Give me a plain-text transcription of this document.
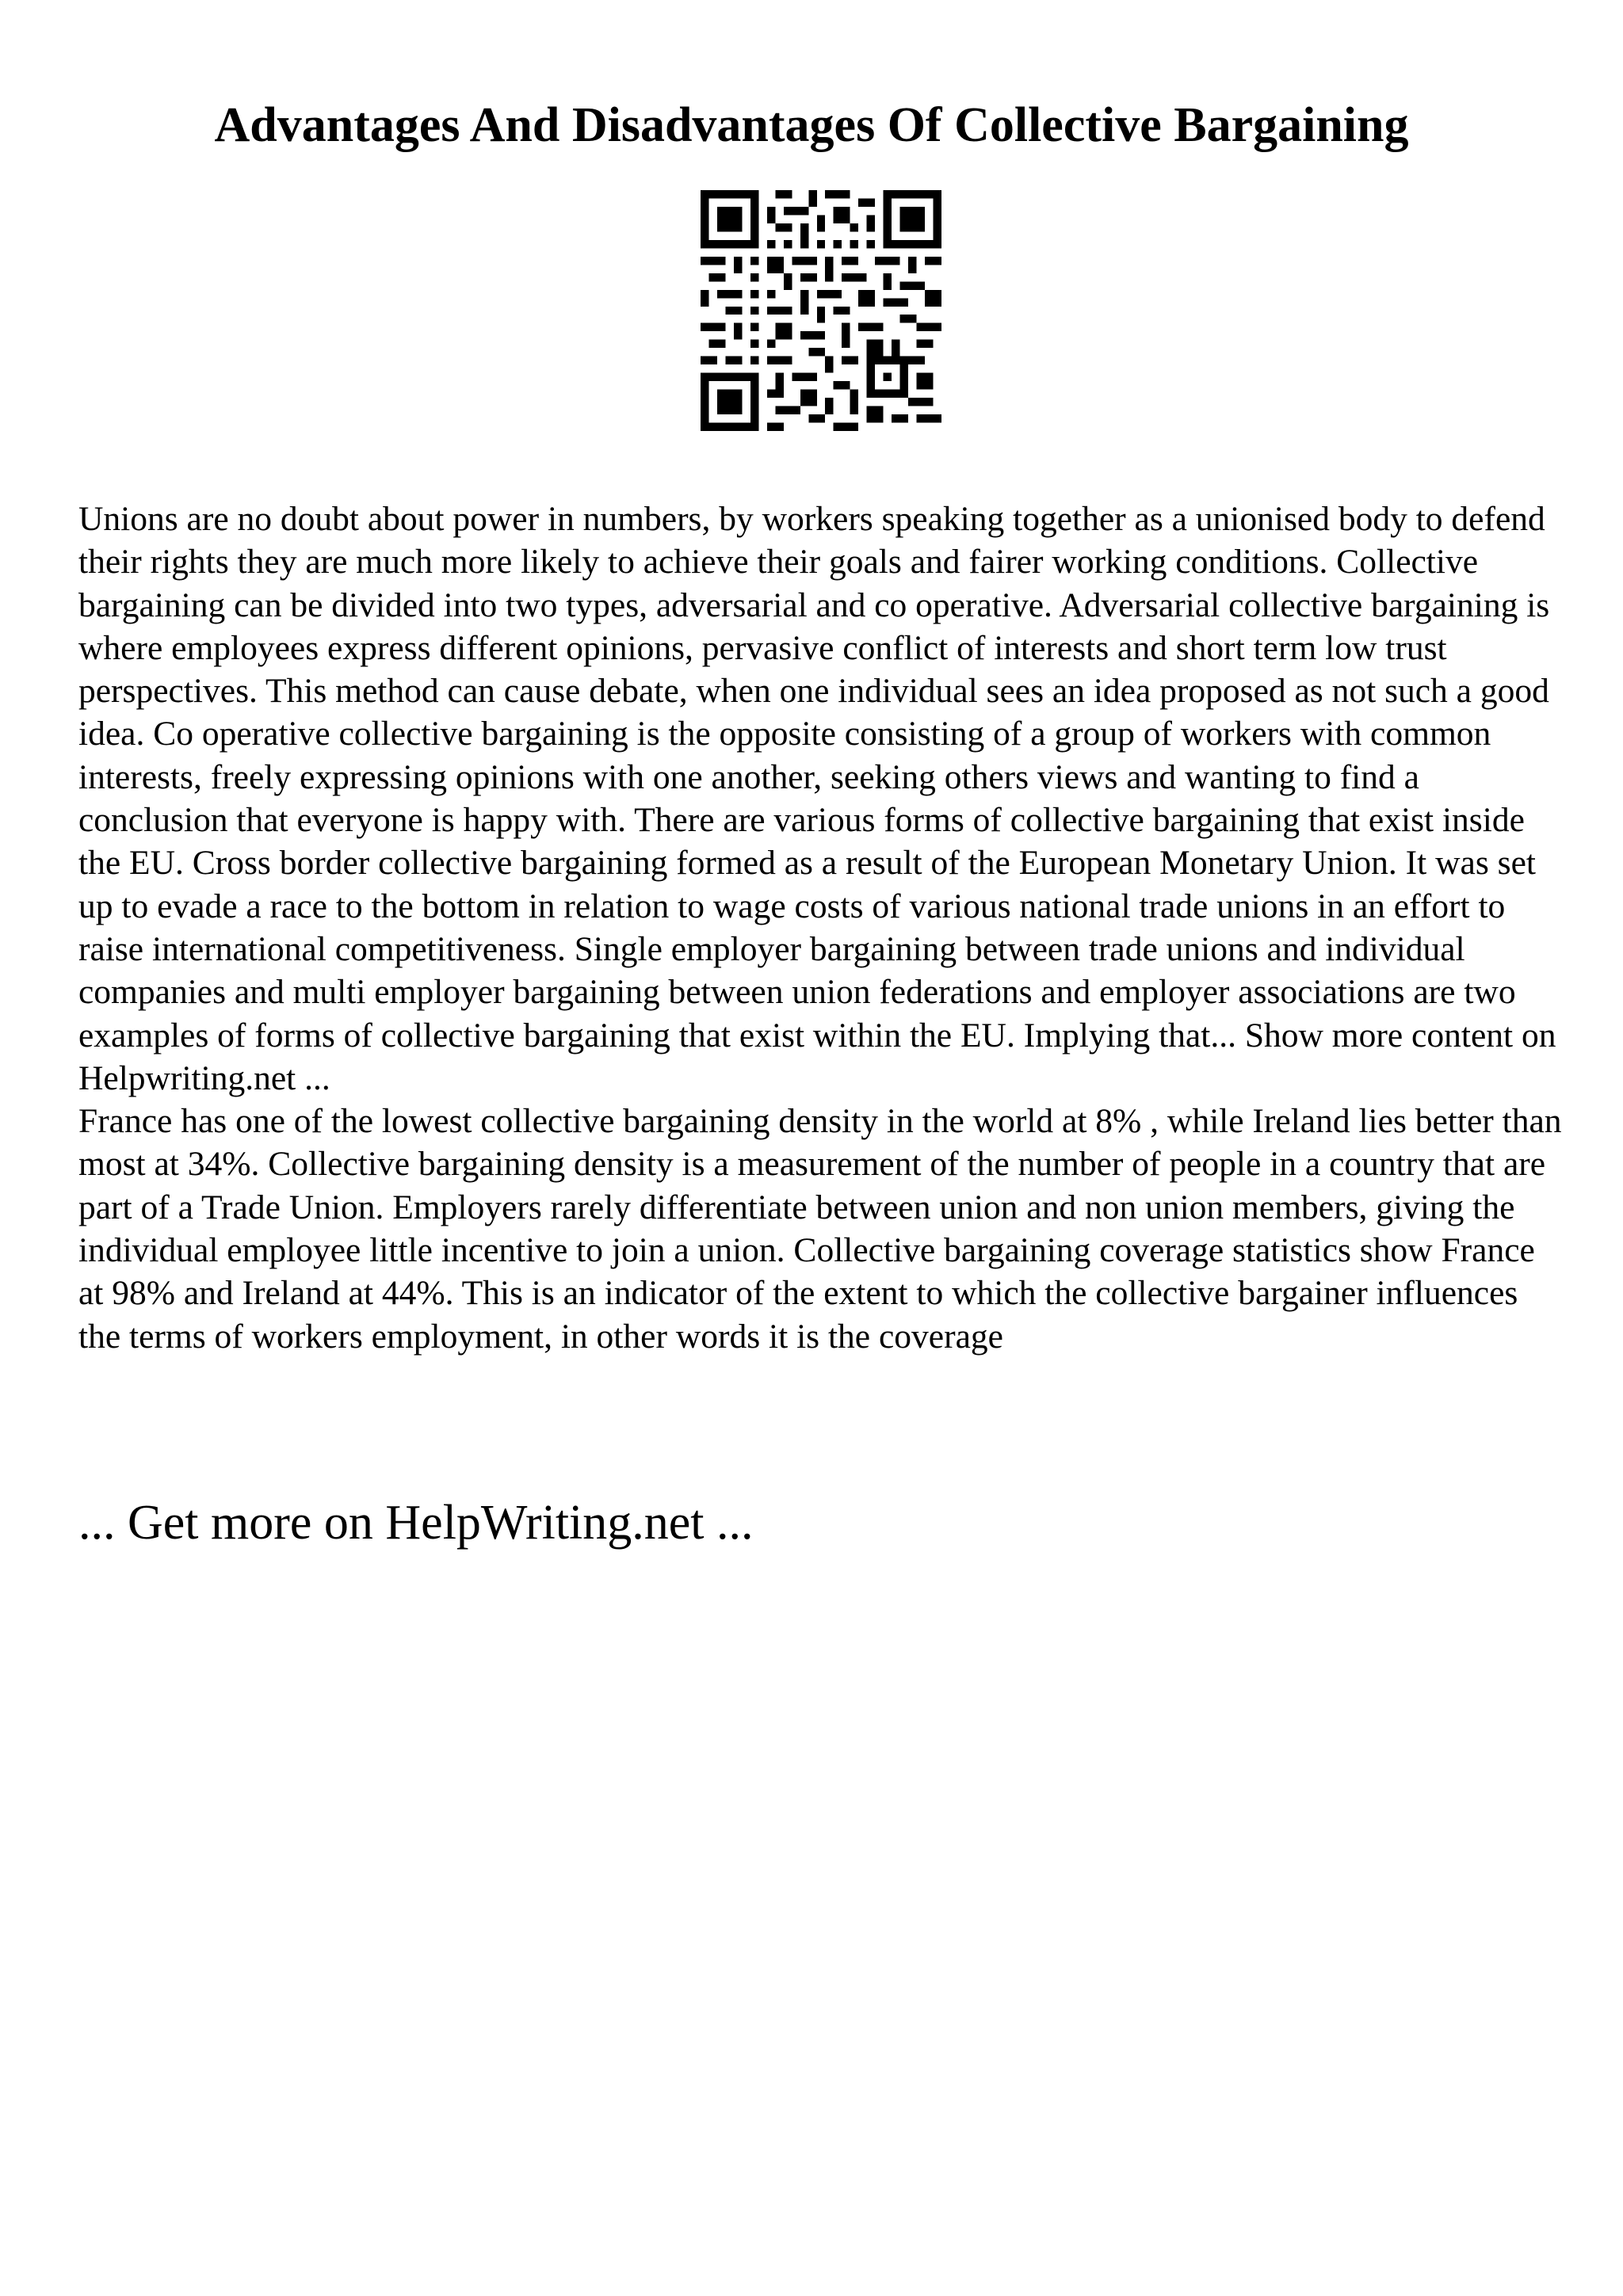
Advantages And Disadvantages Of Collective Bargaining

Unions are no doubt about power in numbers, by workers speaking together as a unionised body to defend their rights they are much more likely to achieve their goals and fairer working conditions. Collective bargaining can be divided into two types, adversarial and co operative. Adversarial collective bargaining is where employees express different opinions, pervasive conflict of interests and short term low trust perspectives. This method can cause debate, when one individual sees an idea proposed as not such a good idea. Co operative collective bargaining is the opposite consisting of a group of workers with common interests, freely expressing opinions with one another, seeking others views and wanting to find a conclusion that everyone is happy with. There are various forms of collective bargaining that exist inside the EU. Cross border collective bargaining formed as a result of the European Monetary Union. It was set up to evade a race to the bottom in relation to wage costs of various national trade unions in an effort to raise international competitiveness. Single employer bargaining between trade unions and individual companies and multi employer bargaining between union federations and employer associations are two examples of forms of collective bargaining that exist within the EU. Implying that... Show more content on Helpwriting.net ...

France has one of the lowest collective bargaining density in the world at 8% , while Ireland lies better than most at 34%. Collective bargaining density is a measurement of the number of people in a country that are part of a Trade Union. Employers rarely differentiate between union and non union members, giving the individual employee little incentive to join a union. Collective bargaining coverage statistics show France at 98% and Ireland at 44%. This is an indicator of the extent to which the collective bargainer influences the terms of workers employment, in other words it is the coverage

... Get more on HelpWriting.net ...
